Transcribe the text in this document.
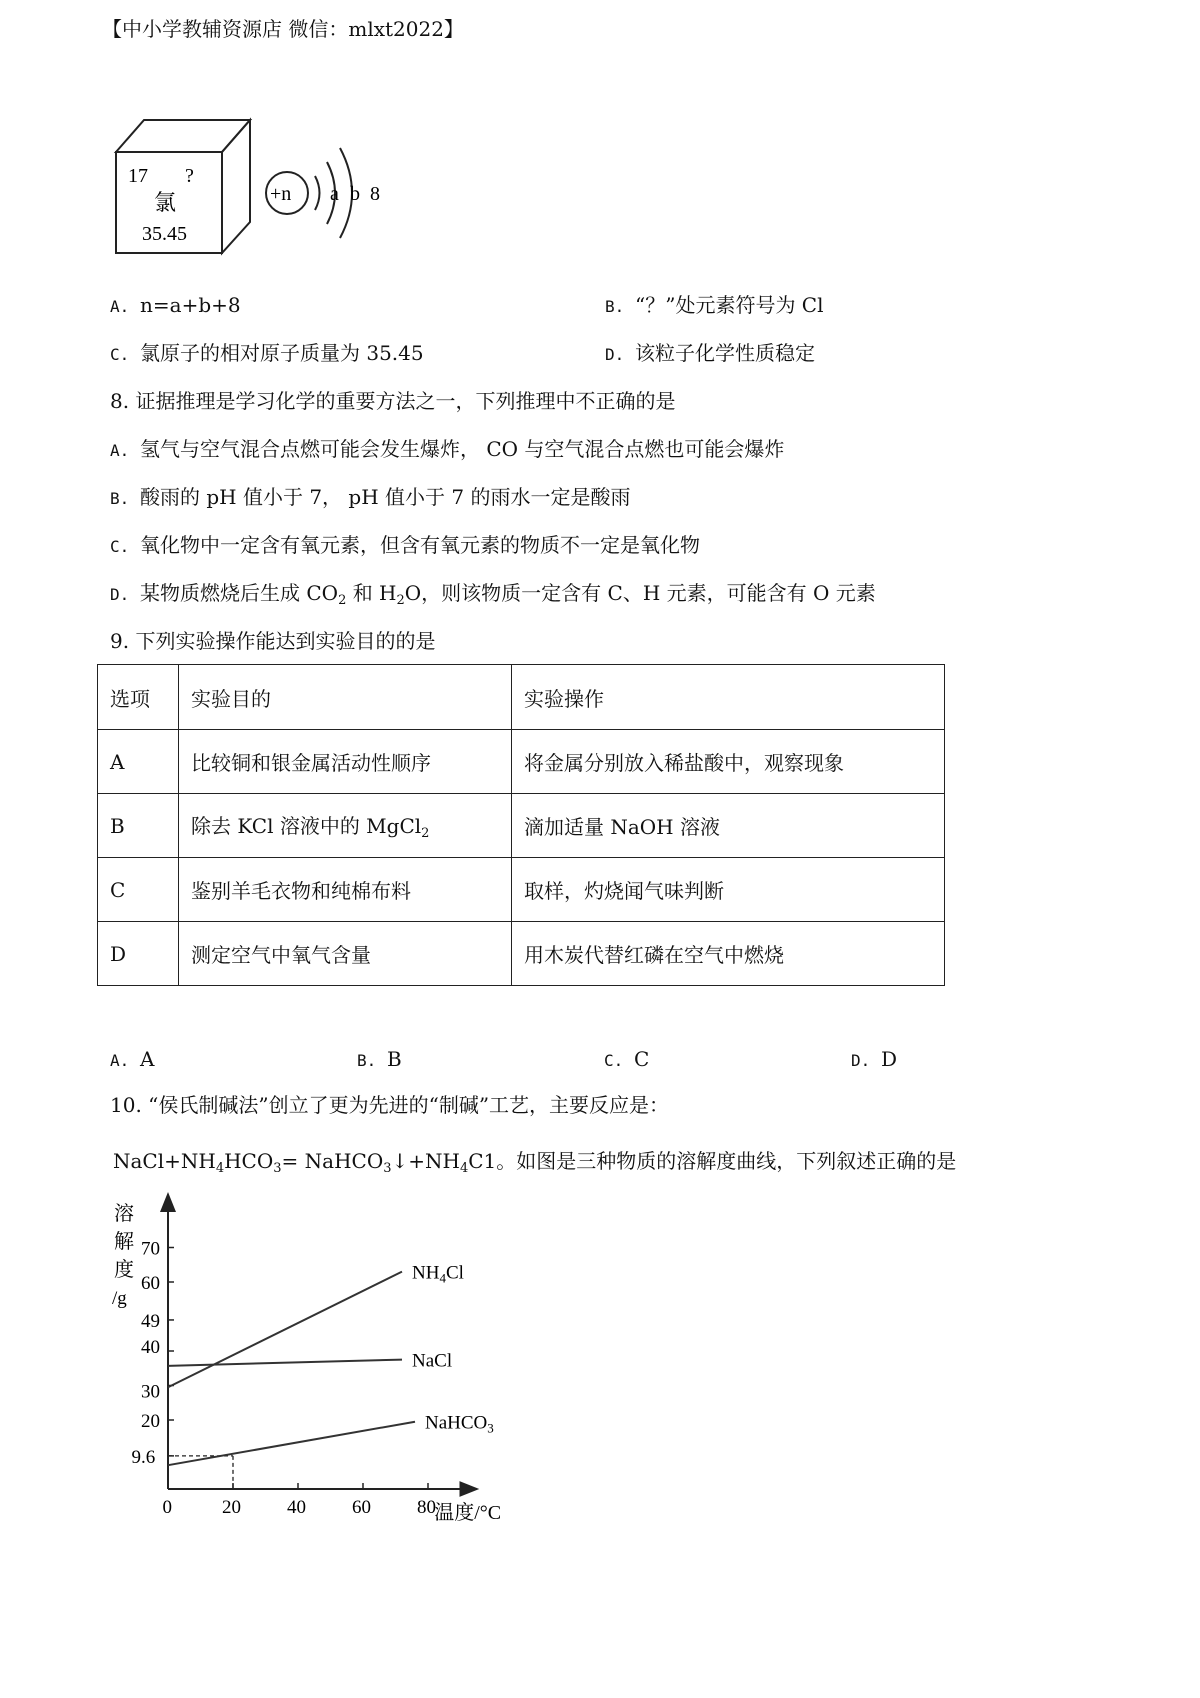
【中小学教辅资源店 微信：mlxt2022】
17 ?
氯
35.45
+n a b 8
A. n=a+b+8	B. “？”处元素符号为 Cl
C. 氯原子的相对原子质量为 35.45	D. 该粒子化学性质稳定
8. 证据推理是学习化学的重要方法之一，下列推理中不正确的是
A. 氢气与空气混合点燃可能会发生爆炸， CO 与空气混合点燃也可能会爆炸
B. 酸雨的 pH 值小于 7， pH 值小于 7 的雨水一定是酸雨
C. 氧化物中一定含有氧元素，但含有氧元素的物质不一定是氧化物
D. 某物质燃烧后生成 $CO_2$ 和 $H_2O$，则该物质一定含有 C、H 元素，可能含有 O 元素
9. 下列实验操作能达到实验目的的是
选项	实验目的	实验操作
A	比较铜和银金属活动性顺序	将金属分别放入稀盐酸中，观察现象
B	除去 KCl 溶液中的 MgCl$_2$	滴加适量 NaOH 溶液
C	鉴别羊毛衣物和纯棉布料	取样，灼烧闻气味判断
D	测定空气中氧气含量	用木炭代替红磷在空气中燃烧
A. A	B. B	C. C	D. D
10. “侯氏制碱法”创立了更为先进的“制碱”工艺，主要反应是：
$NaCl+NH_4HCO_3=$ $NaHCO_3↓+NH_4C1$。如图是三种物质的溶解度曲线，下列叙述正确的是
溶
解
度
/g
0	20 40 60 80
9.6
20
30
40
49
60
70
$NH_4Cl$
NaCl
NaHCO$_3$
温度/°C
